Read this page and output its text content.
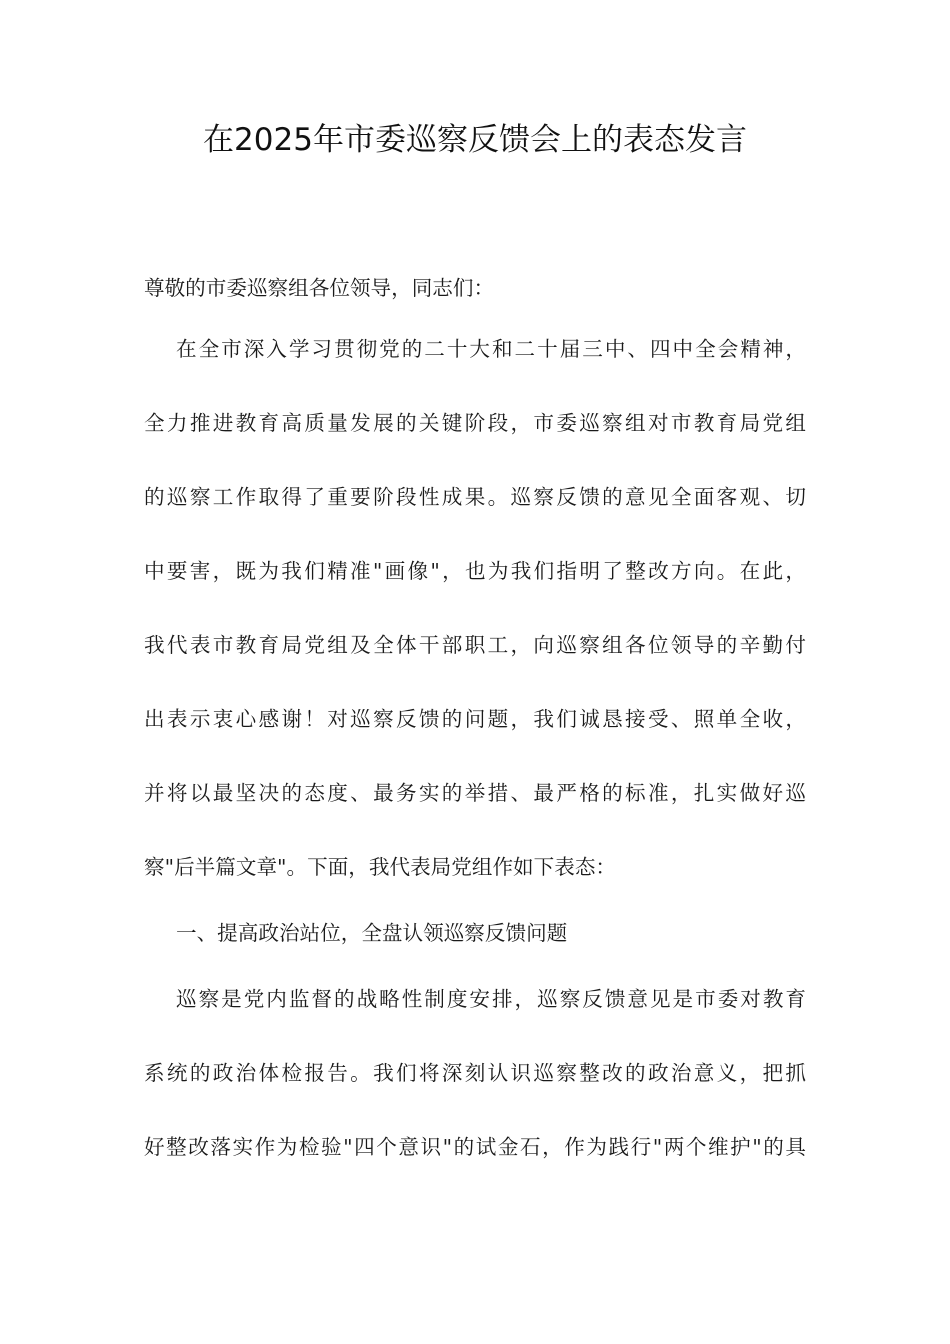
在2025年市委巡察反馈会上的表态发言
尊敬的市委巡察组各位领导，同志们：
在全市深入学习贯彻党的二十大和二十届三中、四中全会精神，
全力推进教育高质量发展的关键阶段，市委巡察组对市教育局党组
的巡察工作取得了重要阶段性成果。巡察反馈的意见全面客观、切
中要害，既为我们精准"画像"，也为我们指明了整改方向。在此，
我代表市教育局党组及全体干部职工，向巡察组各位领导的辛勤付
出表示衷心感谢！对巡察反馈的问题，我们诚恳接受、照单全收，
并将以最坚决的态度、最务实的举措、最严格的标准，扎实做好巡
察"后半篇文章"。下面，我代表局党组作如下表态：
一、提高政治站位，全盘认领巡察反馈问题
巡察是党内监督的战略性制度安排，巡察反馈意见是市委对教育
系统的政治体检报告。我们将深刻认识巡察整改的政治意义，把抓
好整改落实作为检验"四个意识"的试金石，作为践行"两个维护"的具
